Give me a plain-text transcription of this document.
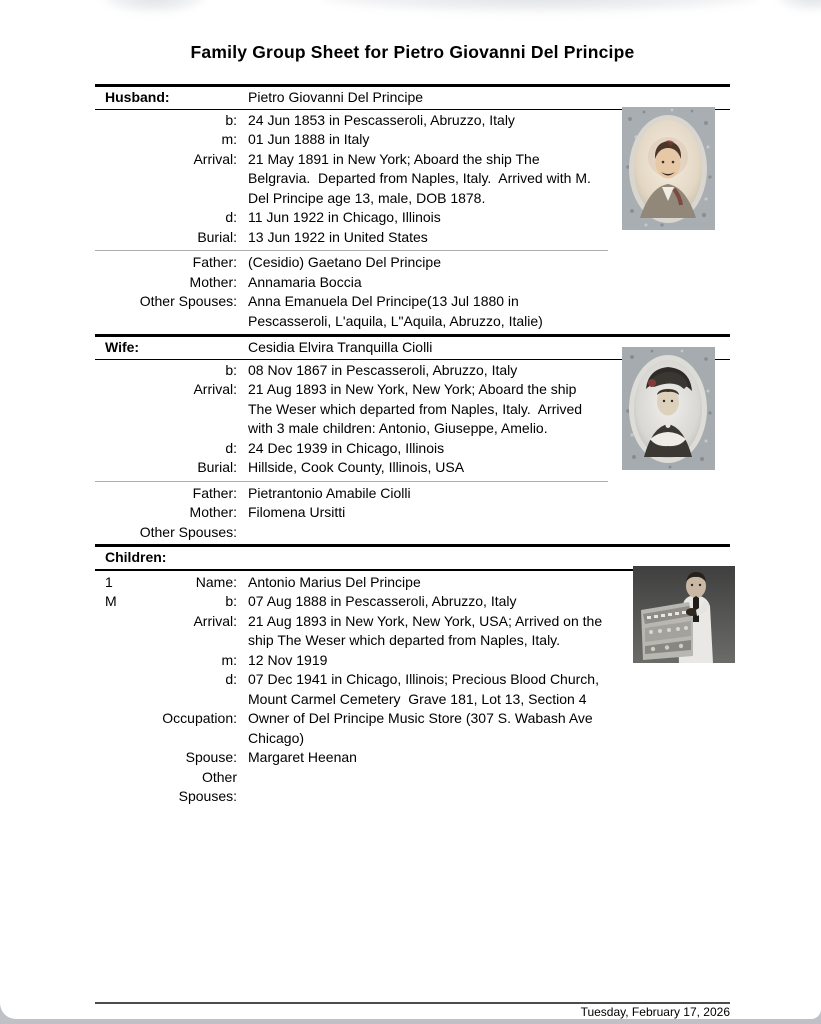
Family Group Sheet for Pietro Giovanni Del Principe
Husband:	Pietro Giovanni Del Principe
b: 24 Jun 1853 in Pescasseroli, Abruzzo, Italy
m: 01 Jun 1888 in Italy
Arrival: 21 May 1891 in New York; Aboard the ship The Belgravia.  Departed from Naples, Italy.  Arrived with M. Del Principe age 13, male, DOB 1878.
d: 11 Jun 1922 in Chicago, Illinois
Burial: 13 Jun 1922 in United States
Father: (Cesidio) Gaetano Del Principe
Mother: Annamaria Boccia
Other Spouses: Anna Emanuela Del Principe(13 Jul 1880 in Pescasseroli, L'aquila, L"Aquila, Abruzzo, Italie)
Wife:	Cesidia Elvira Tranquilla Ciolli
b: 08 Nov 1867 in Pescasseroli, Abruzzo, Italy
Arrival: 21 Aug 1893 in New York, New York; Aboard the ship The Weser which departed from Naples, Italy.  Arrived with 3 male children: Antonio, Giuseppe, Amelio.
d: 24 Dec 1939 in Chicago, Illinois
Burial: Hillside, Cook County, Illinois, USA
Father: Pietrantonio Amabile Ciolli
Mother: Filomena Ursitti
Other Spouses:
Children:
1	Name: Antonio Marius Del Principe
M	b: 07 Aug 1888 in Pescasseroli, Abruzzo, Italy
Arrival: 21 Aug 1893 in New York, New York, USA; Arrived on the ship The Weser which departed from Naples, Italy.
m: 12 Nov 1919
d: 07 Dec 1941 in Chicago, Illinois; Precious Blood Church, Mount Carmel Cemetery  Grave 181, Lot 13, Section 4
Occupation: Owner of Del Principe Music Store (307 S. Wabash Ave Chicago)
Spouse: Margaret Heenan
Other Spouses:
Tuesday, February 17, 2026
